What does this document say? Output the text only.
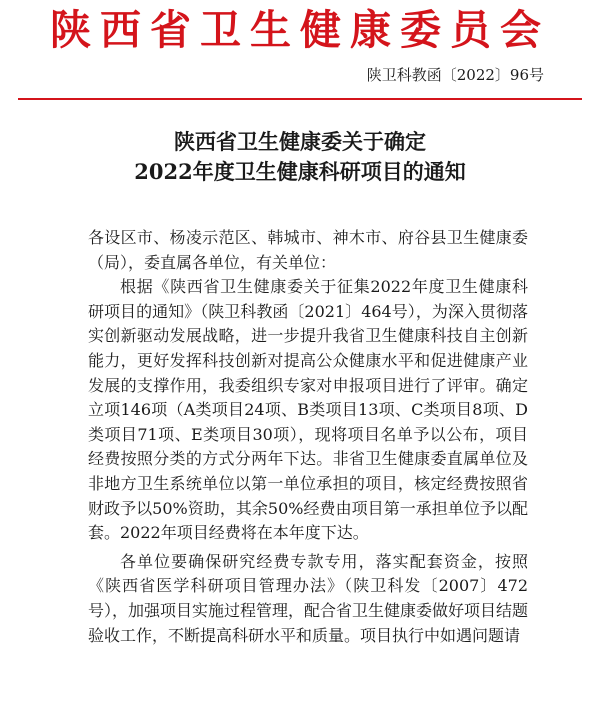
陕西省卫生健康委员会
陕卫科教函〔2022〕96号
陕西省卫生健康委关于确定
2022年度卫生健康科研项目的通知

各设区市、杨凌示范区、韩城市、神木市、府谷县卫生健康委（局），委直属各单位，有关单位：

根据《陕西省卫生健康委关于征集2022年度卫生健康科研项目的通知》（陕卫科教函〔2021〕464号），为深入贯彻落实创新驱动发展战略，进一步提升我省卫生健康科技自主创新能力，更好发挥科技创新对提高公众健康水平和促进健康产业发展的支撑作用，我委组织专家对申报项目进行了评审。确定立项146项（A类项目24项、B类项目13项、C类项目8项、D类项目71项、E类项目30项），现将项目名单予以公布，项目经费按照分类的方式分两年下达。非省卫生健康委直属单位及非地方卫生系统单位以第一单位承担的项目，核定经费按照省财政予以50%资助，其余50%经费由项目第一承担单位予以配套。2022年项目经费将在本年度下达。

各单位要确保研究经费专款专用，落实配套资金，按照《陕西省医学科研项目管理办法》（陕卫科发〔2007〕472号），加强项目实施过程管理，配合省卫生健康委做好项目结题验收工作，不断提高科研水平和质量。项目执行中如遇问题请
